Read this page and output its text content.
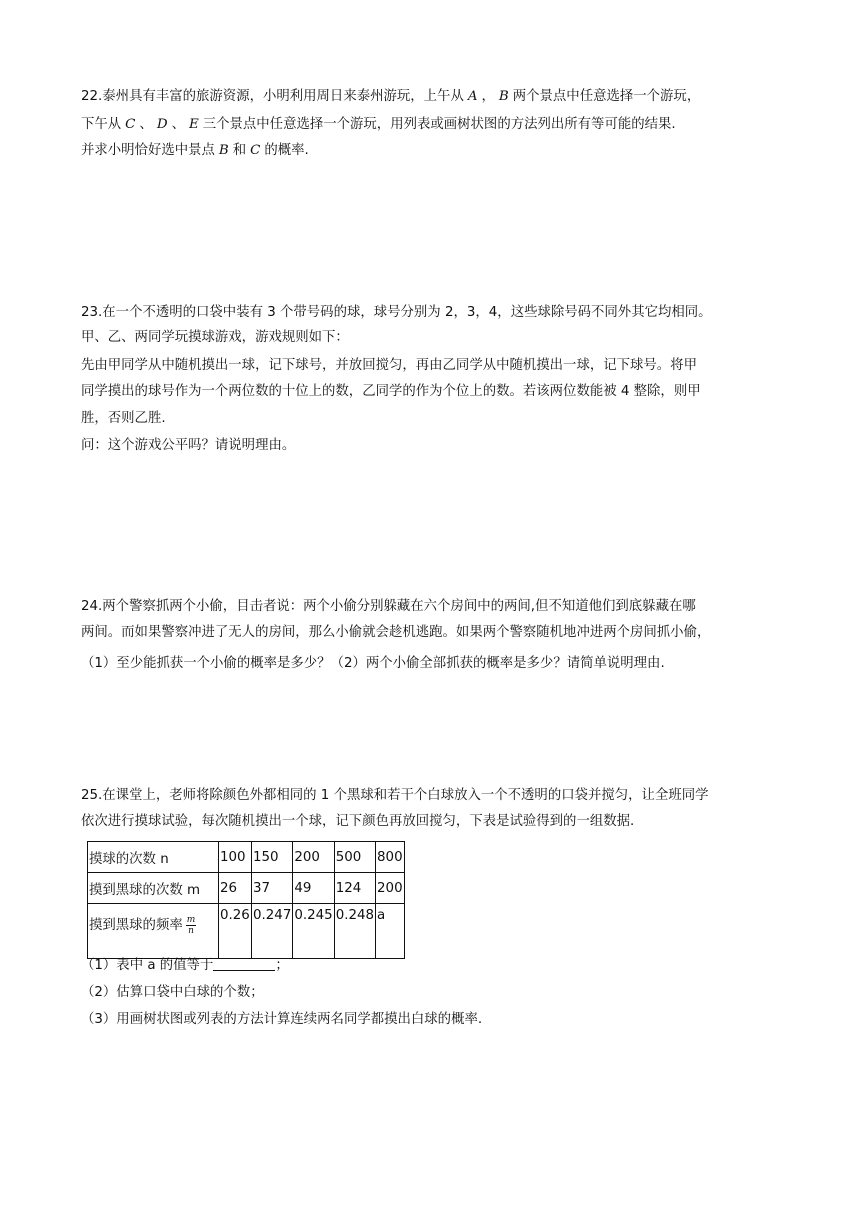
22.泰州具有丰富的旅游资源，小明利用周日来泰州游玩，上午从 A ， B 两个景点中任意选择一个游玩，
下午从 C 、 D 、 E 三个景点中任意选择一个游玩，用列表或画树状图的方法列出所有等可能的结果.
并求小明恰好选中景点 B 和 C 的概率.
23.在一个不透明的口袋中装有 3 个带号码的球，球号分别为 2，3，4，这些球除号码不同外其它均相同。
甲、乙、两同学玩摸球游戏，游戏规则如下：
先由甲同学从中随机摸出一球，记下球号，并放回搅匀，再由乙同学从中随机摸出一球，记下球号。将甲
同学摸出的球号作为一个两位数的十位上的数，乙同学的作为个位上的数。若该两位数能被 4 整除，则甲
胜，否则乙胜.
问：这个游戏公平吗？请说明理由。
24.两个警察抓两个小偷，目击者说：两个小偷分别躲藏在六个房间中的两间,但不知道他们到底躲藏在哪
两间。而如果警察冲进了无人的房间，那么小偷就会趁机逃跑。如果两个警察随机地冲进两个房间抓小偷，
（1）至少能抓获一个小偷的概率是多少？（2）两个小偷全部抓获的概率是多少？请简单说明理由.
25.在课堂上，老师将除颜色外都相同的 1 个黑球和若干个白球放入一个不透明的口袋并搅匀，让全班同学
依次进行摸球试验，每次随机摸出一个球，记下颜色再放回搅匀，下表是试验得到的一组数据.
摸球的次数 n	100	150	200	500	800
摸到黑球的次数 m	26	37	49	124	200
摸到黑球的频率 $\frac{m}{n}$	0.26	0.247	0.245	0.248	a
（1）表中 a 的值等于	；
（2）估算口袋中白球的个数；
（3）用画树状图或列表的方法计算连续两名同学都摸出白球的概率.
